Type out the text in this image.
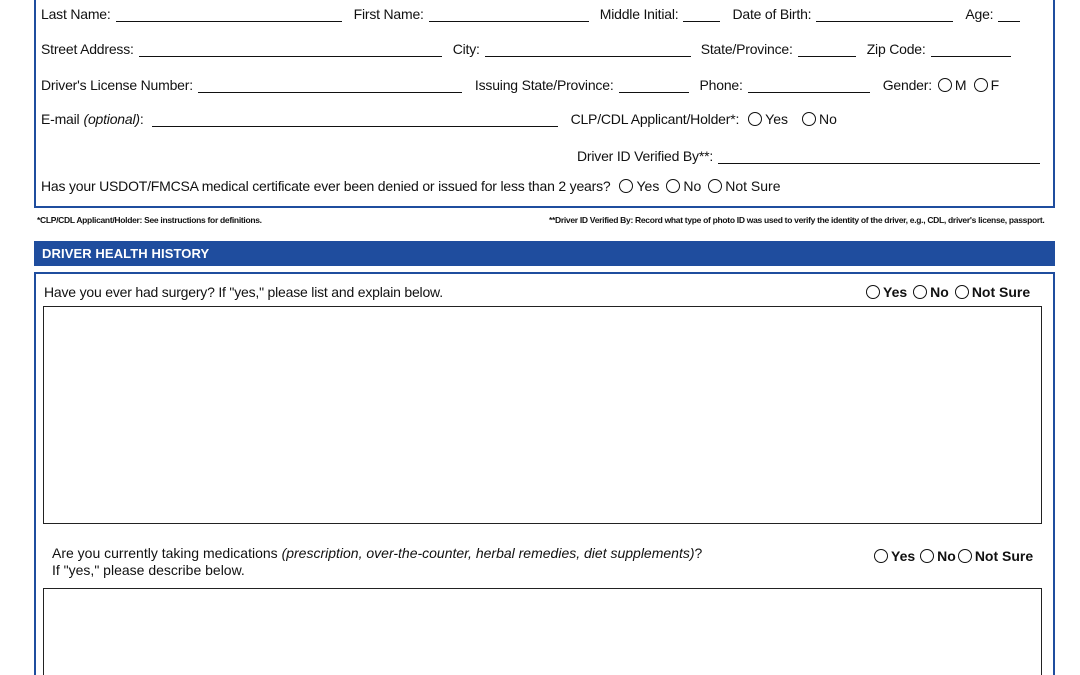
Last Name:	First Name:	Middle Initial:	Date of Birth:	Age:
Street Address:	City:	State/Province:	Zip Code:
Driver's License Number:	Issuing State/Province:	Phone:	Gender: M F
E-mail (optional) :	CLP/CDL Applicant/Holder*: Yes No
Driver ID Verified By**:
Has your USDOT/FMCSA medical certificate ever been denied or issued for less than 2 years? Yes No Not Sure
*CLP/CDL Applicant/Holder: See instructions for definitions.	**Driver ID Verified By: Record what type of photo ID was used to verify the identity of the driver, e.g., CDL, driver's license, passport.
DRIVER HEALTH HISTORY
Have you ever had surgery? If "yes," please list and explain below.	Yes No Not Sure
Are you currently taking medications (prescription, over-the-counter, herbal remedies, diet supplements)?
If "yes," please describe below.
Yes No Not Sure
